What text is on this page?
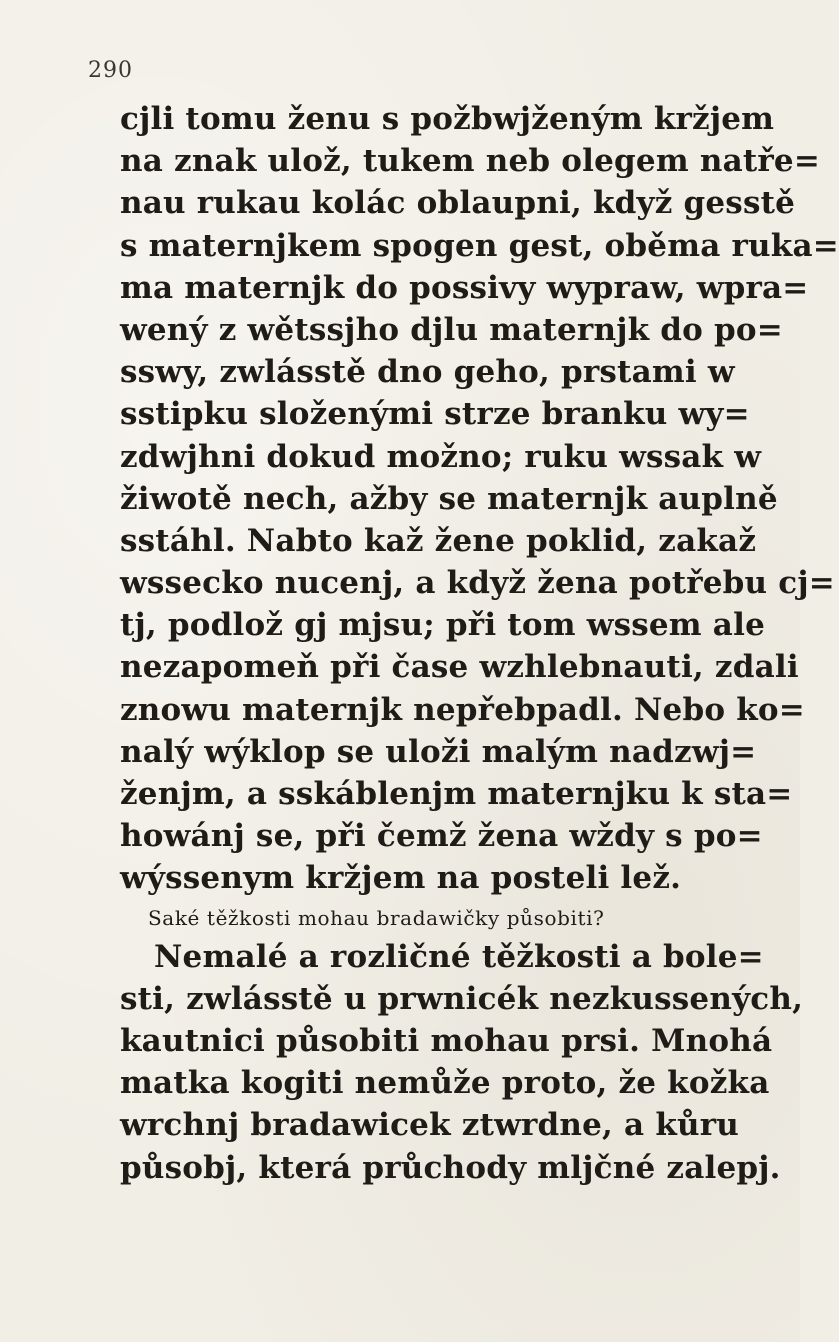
290
cjli tomu ženu s požbwjženým kržjem
na znak ulož, tukem neb olegem natře=
nau rukau kolác oblaupni, když gesstě
s maternjkem spogen gest, oběma ruka=
ma maternjk do possivy wypraw, wpra=
wený z wětssjho djlu maternjk do po=
sswy, zwlásstě dno geho, prstami w
sstipku složenými strze branku wy=
zdwjhni dokud možno; ruku wssak w
žiwotě nech, ažby se maternjk auplně
sstáhl. Nabto kaž žene poklid, zakaž
wssecko nucenj, a když žena potřebu cj=
tj, podlož gj mjsu; při tom wssem ale
nezapomeň při čase wzhlebnauti, zdali
znowu maternjk nepřebpadl. Nebo ko=
nalý wýklop se uloži malým nadzwj=
ženjm, a sskáblenjm maternjku k sta=
howánj se, při čemž žena wždy s po=
wýssenym kržjem na posteli lež.
Saké těžkosti mohau bradawičky působiti?
Nemalé a rozličné těžkosti a bole=
sti, zwlásstě u prwnicék nezkussených,
kautnici působiti mohau prsi. Mnohá
matka kogiti nemůže proto, že kožka
wrchnj bradawicek ztwrdne, a kůru
působj, která průchody mljčné zalepj.
